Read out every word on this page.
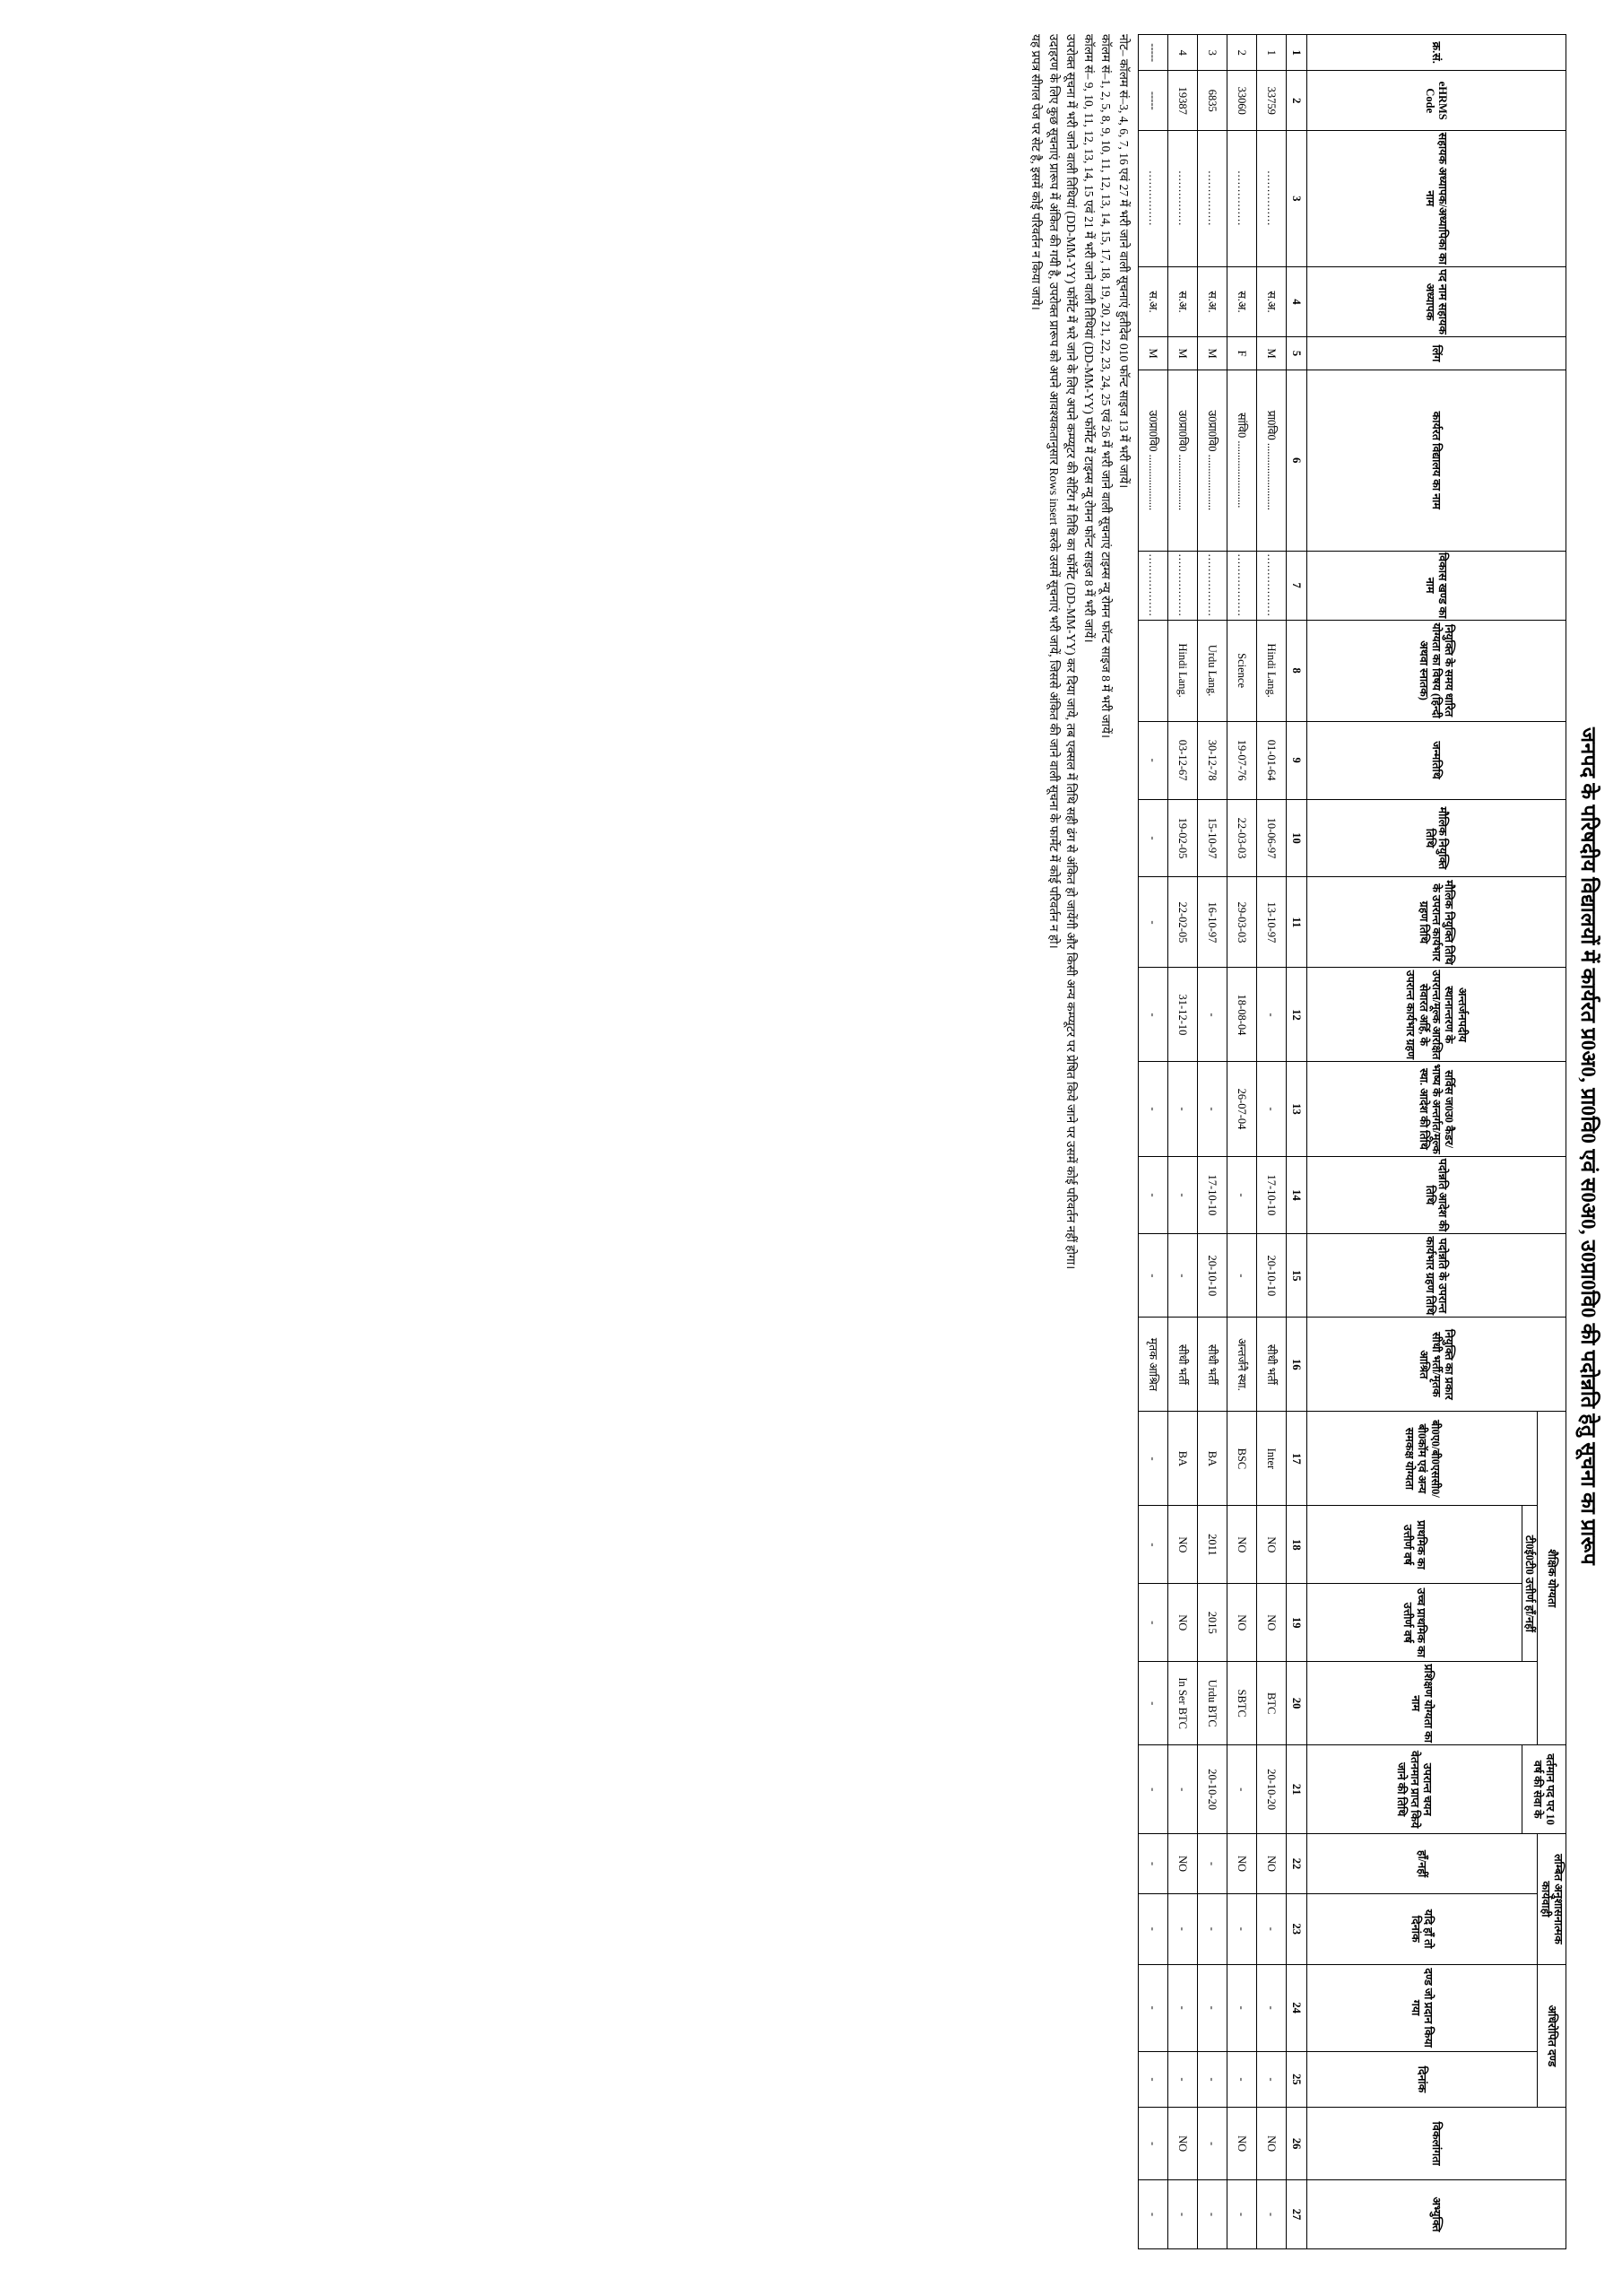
जनपद के परिषदीय विद्यालयों में कार्यरत प्र0अ0, प्रा0वि0 एवं स0अ0, उ0प्रा0वि0 की पदोन्नति हेतु सूचना का प्रारूप
क्र.सं.	eHRMS Code	सहायक अध्यापक/अध्यापिका का नाम	पद नाम सहायक अध्यापक	लिंग	कार्यरत विद्यालय का नाम	विकास खण्ड का नाम	नियुक्ति के समय धारित योग्यता का विषय (हिन्दी अथवा स्नातक)	जन्मतिथि	मौलिक नियुक्ति तिथि	मौलिक नियुक्ति तिथि के उपरान्त कार्यभार ग्रहण तिथि	अन्तर्जनपदीय स्थानान्तरण के उपरान्त/मूल्क आरक्षित सेवारत अर्हि, के उपरान्त कार्यभार ग्रहण	सर्विस ज0उ0 कैडर/भाष्य के अन्तर्गत/मूल्क स्था. आदेश की तिथि	पदोन्नति आदेश की तिथि	पदोन्नति के उपरान्त कार्यभार ग्रहण तिथि	नियुक्ति का प्रकार सीधी भर्ती/मृतक आश्रित	शैक्षिक योग्यता				वर्तमान पद पर 10 वर्ष की सेवा के	लम्बित अनुशासनात्मक कार्यवाही		अधिरोपित दण्ड		विकलांगता	अभ्युक्ति
																बी0ए0/बी0एससी0/बी0कॉम एवं अन्य समकक्ष योग्यता	टी0ई0टी0 उत्तीर्ण हाँ/नहीं		प्रशिक्षण योग्यता का नाम		हाँ/नहीं	यदि हाँ तो दिनांक	दण्ड जो प्रदान किया गया	दिनांक		
																	प्राथमिक का उत्तीर्ण वर्ष	उच्च प्राथमिक का उत्तीर्ण वर्ष		उपरान्त चयन वेतनमान प्राप्त किये जाने की तिथि						
1	2	3	4	5	6	7	8	9	10	11	12	13	14	15	16	17	18	19	20	21	22	23	24	25	26	27
1	33759	...............	स.अ.	M	प्रा0वि0 ........................	.................	Hindi Lang.	01-01-64	10-06-97	13-10-97	-	-	17-10-10	20-10-10	सीधी भर्ती	Inter	NO	NO	BTC	20-10-20	NO	-	-	-	NO	-
2	33060	...............	स.अ.	F	सांवि0 ........................	.................	Science	19-07-76	22-03-03	29-03-03	18-08-04	26-07-04	-	-	अन्तर्जनै स्था.	BSC	NO	NO	SBTC	-	NO	-	-	-	NO	-
3	6835	...............	स.अ.	M	उ0प्रा0वि0 ....................	.................	Urdu Lang.	30-12-78	15-10-97	16-10-97	-	-	17-10-10	20-10-10	सीधी भर्ती	BA	2011	2015	Urdu BTC	20-10-20	-	-	-	-	-	-
4	19387	...............	स.अ.	M	उ0प्रा0वि0 ....................	.................	Hindi Lang.	03-12-67	19-02-05	22-02-05	31-12-10	-	-	-	सीधी भर्ती	BA	NO	NO	In Ser BTC	-	NO	-	-	-	NO	-
-----	-----	...............	स.अ.	M	उ0प्रा0वि0 ....................	.................		-	-	-	-	-	-	-	मृतक आश्रित	-	-	-	-	-	-	-	-	-	-	-
नोट– कॉलम सं–3, 4, 6, 7, 16 एवं 27 में भरी जाने वाली सूचनाएं हुतीदेव 010 फॉन्ट साइज 13 में भरी जायें।
कॉलम सं–1, 2, 5, 8, 9, 10, 11, 12, 13, 14, 15, 17, 18, 19, 20, 21, 22, 23, 24, 25 एवं 26 में भरी जाने वाली सूचनाएं टाइम्स न्यू रोमन फॉन्ट साइज 8 में भरी जायें।
कॉलम सं– 9, 10, 11, 12, 13, 14, 15 एवं 21 में भरी जाने वाली तिथियां (DD-MM-YY) फॉर्मेट में टाइम्स न्यू रोमन फॉन्ट साइज 8 में भरी जायें।
उपरोक्त सूचना में भरी जाने वाली तिथियां (DD-MM-YY) फॉर्मेट में भरे जाने के लिए अपने कम्प्यूटर की सेटिंग में तिथि का फॉर्मेट (DD-MM-YY) कर दिया जाये, तब एक्सल में तिथि सही ढंग से अंकित हो जायेंगी और किसी अन्य कम्प्यूटर पर प्रेषित किये जाने पर उसमें कोई परिवर्तन नहीं होगा।
उदाहरण के लिए कुछ सूचनाएं प्रारूप में अंकित की गयी है, उपरोक्त प्रारूप को अपने आवश्यकतानुसार Rows insert करके उसमें सूचनाएं भरी जायें, जिससे अंकित की जाने वाली सूचना के फार्मेट में कोई परिवर्तन न हो।
यह प्रपत्र सीगल पेज पर सेट है, इसमें कोई परिवर्तन न किया जाये।
